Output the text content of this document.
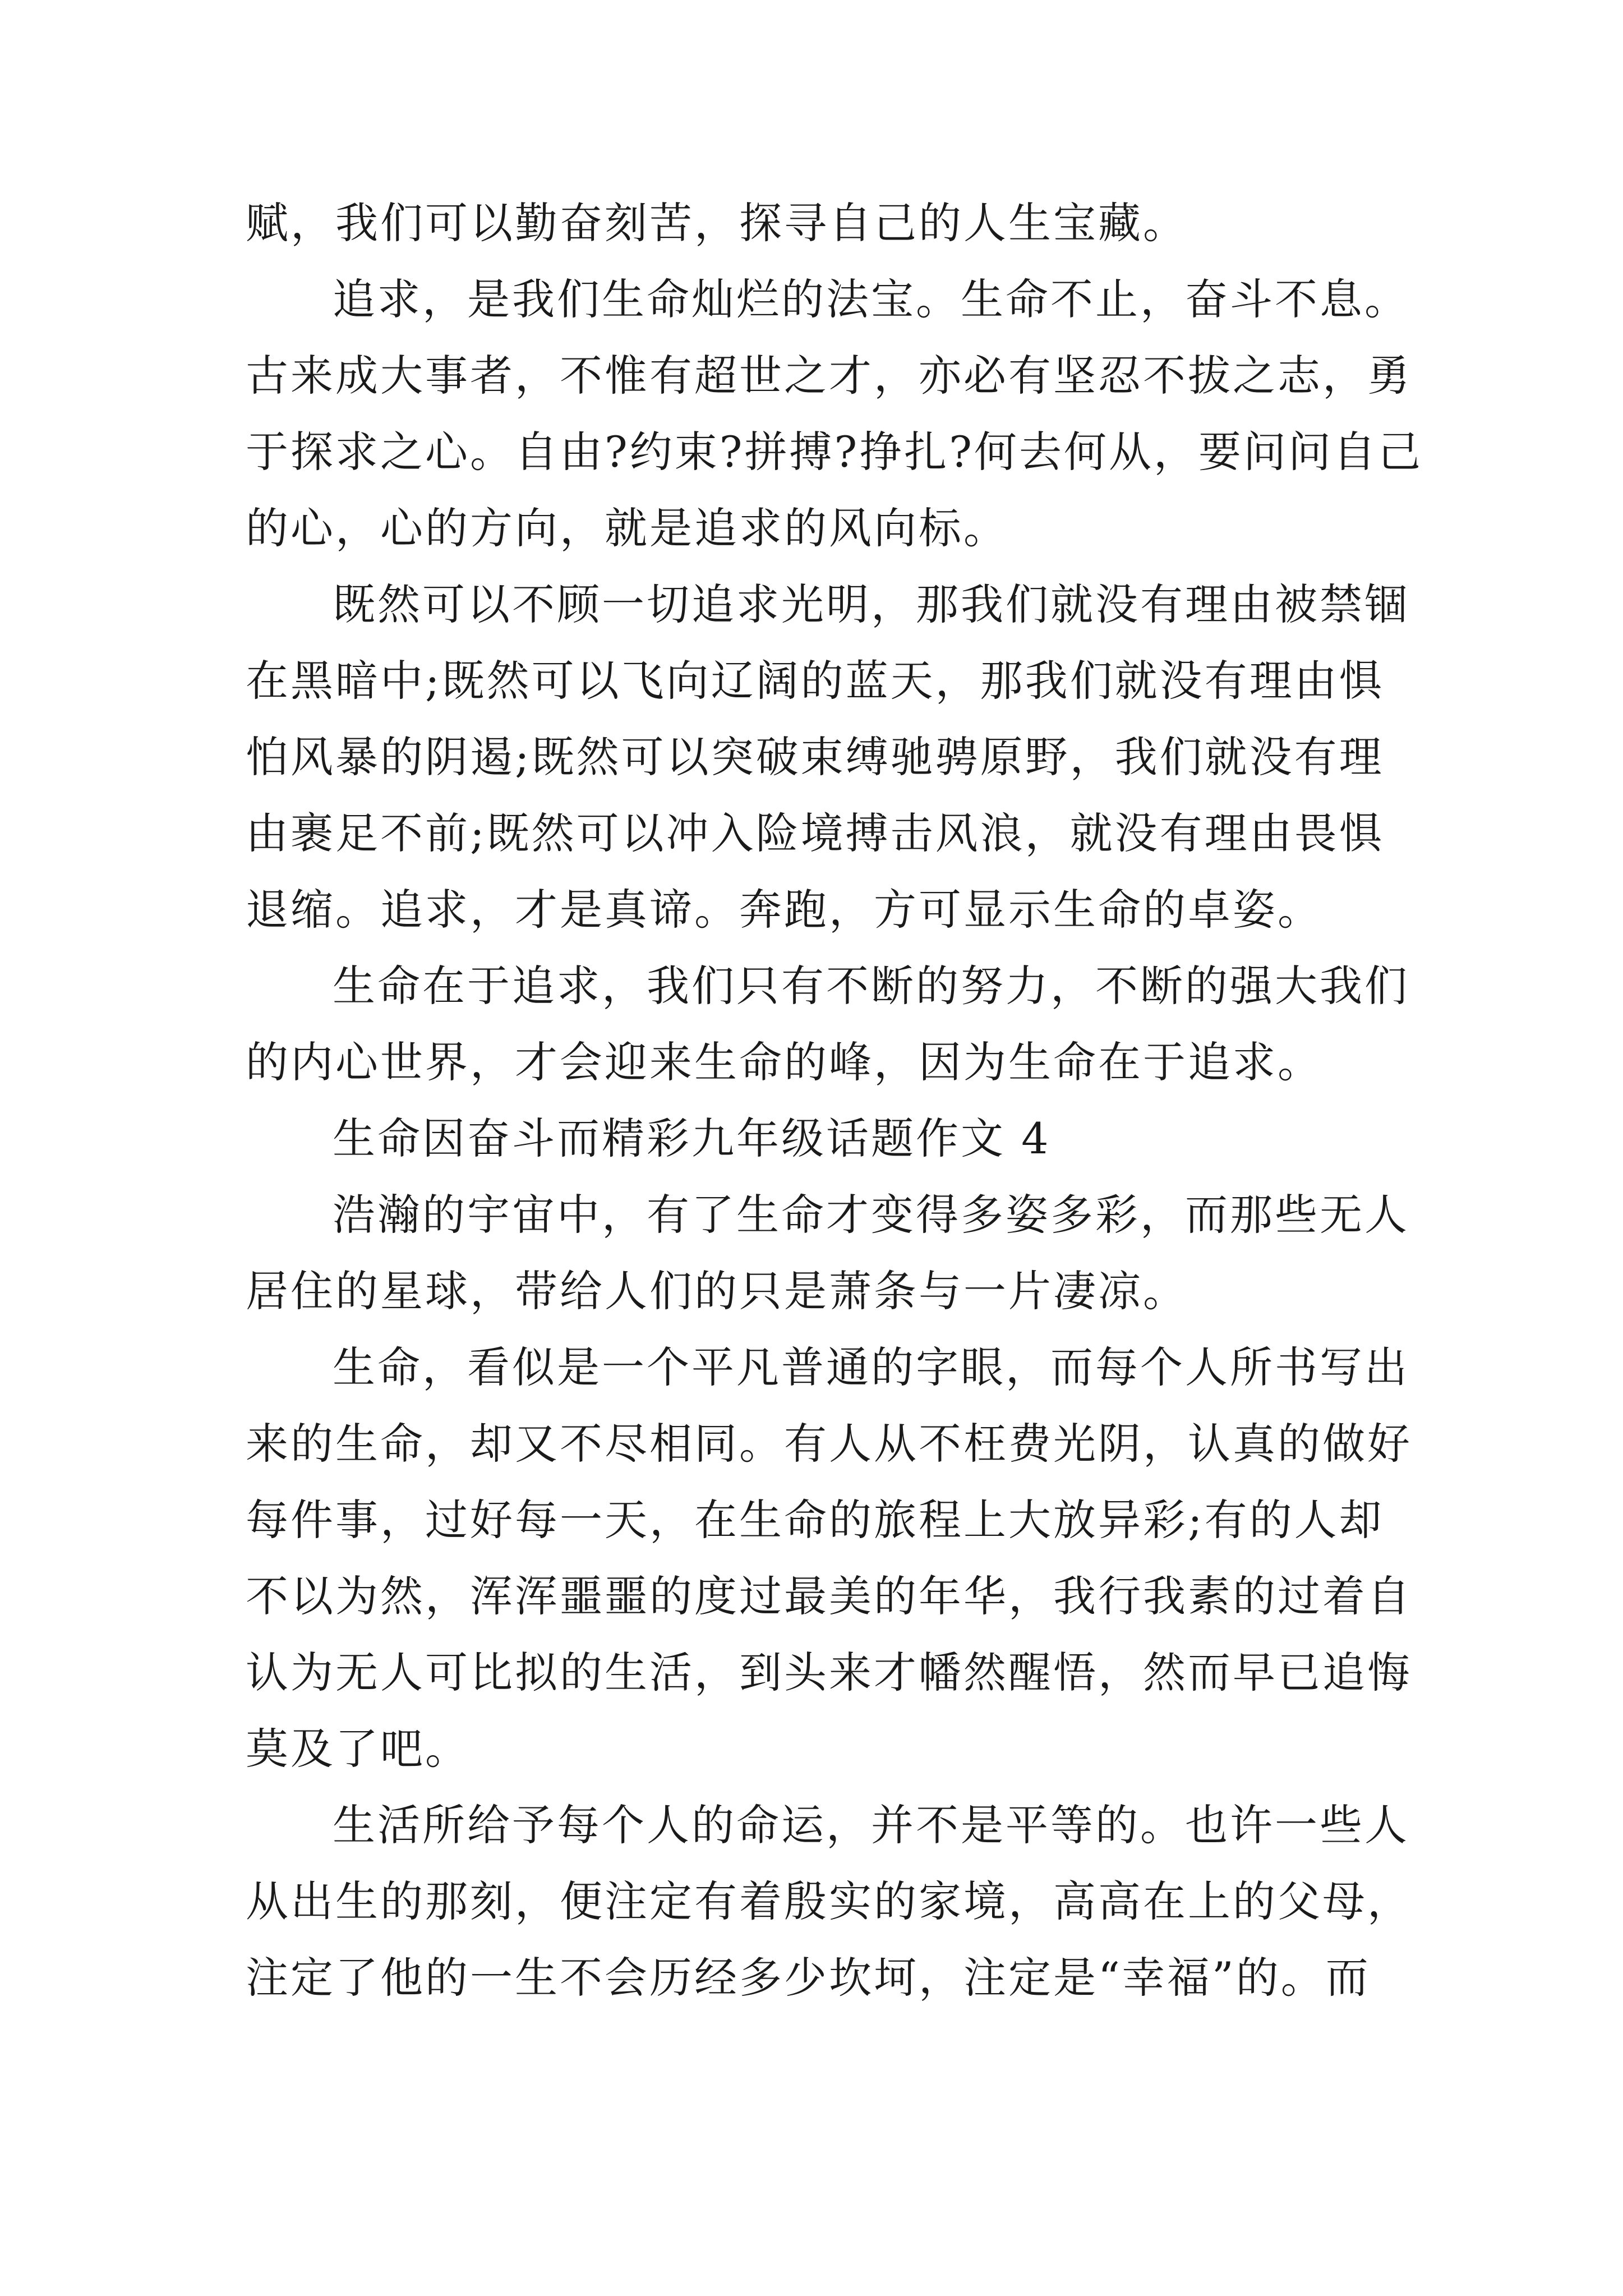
赋，我们可以勤奋刻苦，探寻自己的人生宝藏。
追求，是我们生命灿烂的法宝。生命不止，奋斗不息。
古来成大事者，不惟有超世之才，亦必有坚忍不拔之志，勇
于探求之心。自由?约束?拼搏?挣扎?何去何从，要问问自己
的心，心的方向，就是追求的风向标。
既然可以不顾一切追求光明，那我们就没有理由被禁锢
在黑暗中;既然可以飞向辽阔的蓝天，那我们就没有理由惧
怕风暴的阴遏;既然可以突破束缚驰骋原野，我们就没有理
由裹足不前;既然可以冲入险境搏击风浪，就没有理由畏惧
退缩。追求，才是真谛。奔跑，方可显示生命的卓姿。
生命在于追求，我们只有不断的努力，不断的强大我们
的内心世界，才会迎来生命的峰，因为生命在于追求。
生命因奋斗而精彩九年级话题作文 4
浩瀚的宇宙中，有了生命才变得多姿多彩，而那些无人
居住的星球，带给人们的只是萧条与一片凄凉。
生命，看似是一个平凡普通的字眼，而每个人所书写出
来的生命，却又不尽相同。有人从不枉费光阴，认真的做好
每件事，过好每一天，在生命的旅程上大放异彩;有的人却
不以为然，浑浑噩噩的度过最美的年华，我行我素的过着自
认为无人可比拟的生活，到头来才幡然醒悟，然而早已追悔
莫及了吧。
生活所给予每个人的命运，并不是平等的。也许一些人
从出生的那刻，便注定有着殷实的家境，高高在上的父母，
注定了他的一生不会历经多少坎坷，注定是“幸福”的。而
